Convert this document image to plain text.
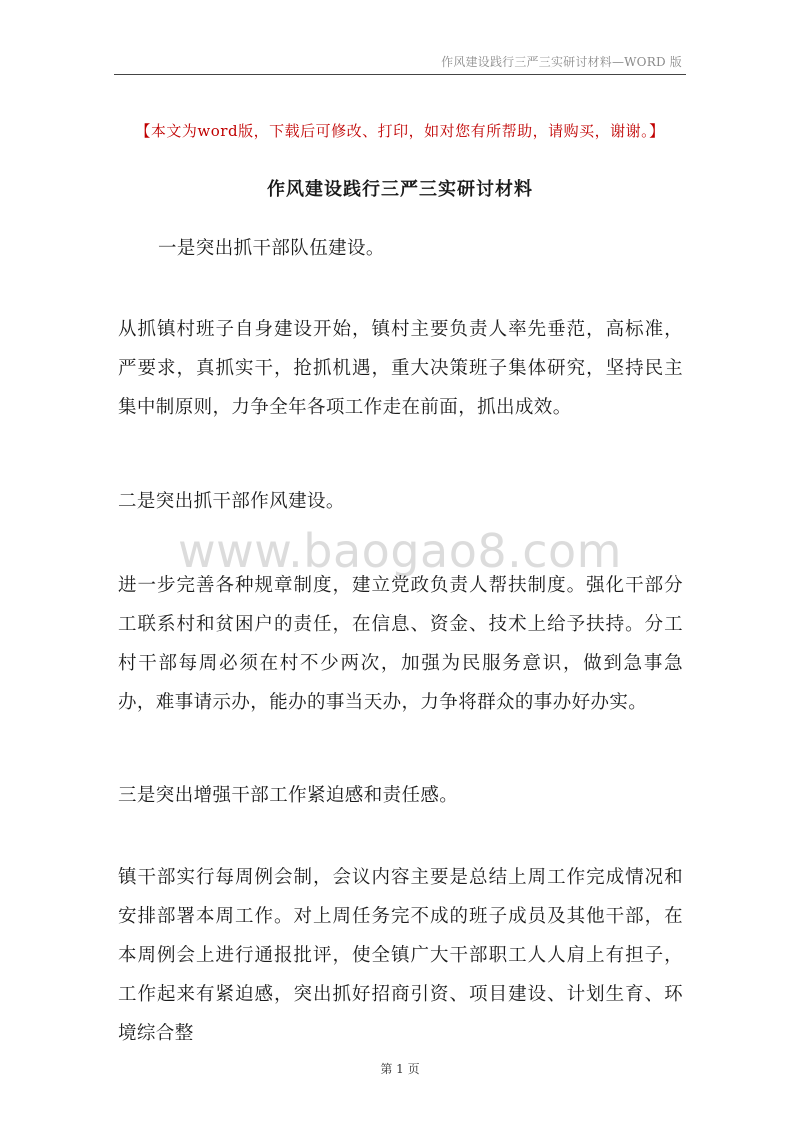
作风建设践行三严三实研讨材料—WORD 版
【本文为word版，下载后可修改、打印，如对您有所帮助，请购买，谢谢。】
作风建设践行三严三实研讨材料

一是突出抓干部队伍建设。

从抓镇村班子自身建设开始，镇村主要负责人率先垂范，高标准，严要求，真抓实干，抢抓机遇，重大决策班子集体研究，坚持民主集中制原则，力争全年各项工作走在前面，抓出成效。

二是突出抓干部作风建设。

www.baogao8.com

进一步完善各种规章制度，建立党政负责人帮扶制度。强化干部分工联系村和贫困户的责任，在信息、资金、技术上给予扶持。分工村干部每周必须在村不少两次，加强为民服务意识，做到急事急办，难事请示办，能办的事当天办，力争将群众的事办好办实。

三是突出增强干部工作紧迫感和责任感。

镇干部实行每周例会制，会议内容主要是总结上周工作完成情况和安排部署本周工作。对上周任务完不成的班子成员及其他干部，在本周例会上进行通报批评，使全镇广大干部职工人人肩上有担子，工作起来有紧迫感，突出抓好招商引资、项目建设、计划生育、环境综合整

第 1 页
